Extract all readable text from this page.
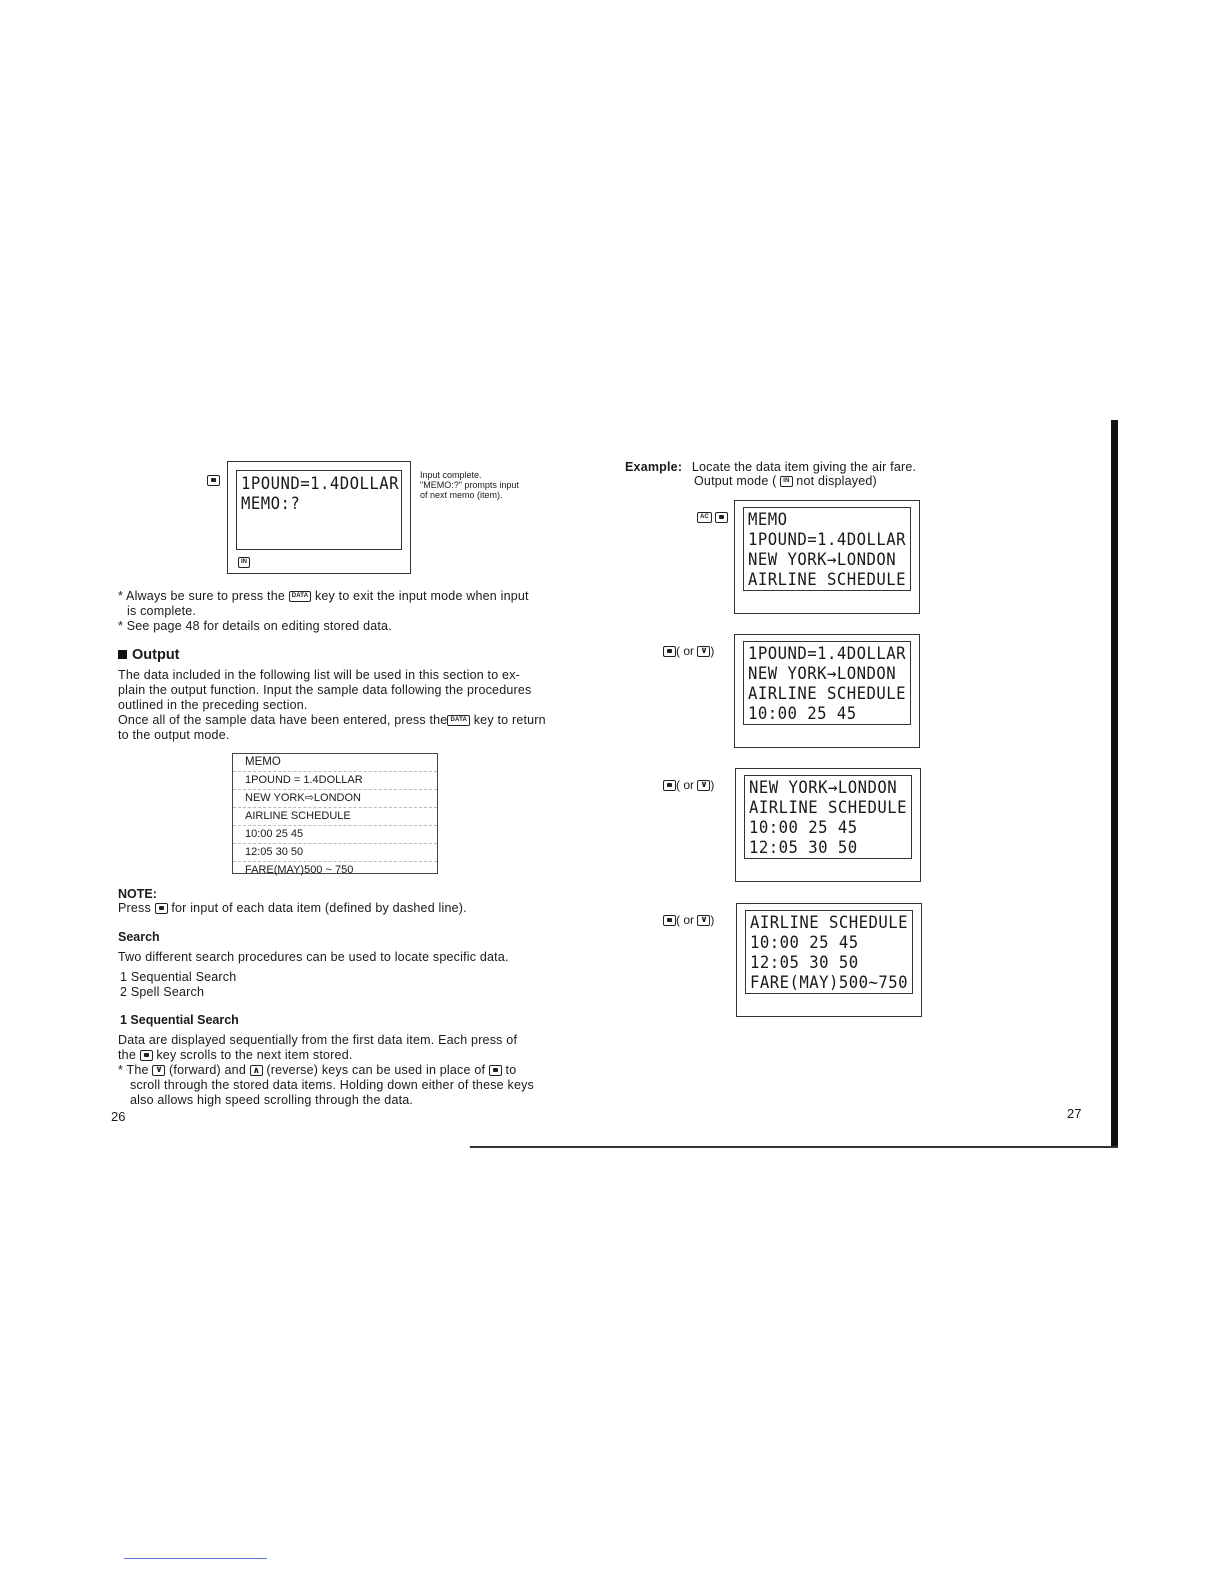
1POUND=1.4DOLLAR
MEMO:?
IN
Input complete.
"MEMO:?" prompts input
of next memo (item).
* Always be sure to press the DATA key to exit the input mode when input
is complete.
* See page 48 for details on editing stored data.
Output
The data included in the following list will be used in this section to ex-
plain the output function. Input the sample data following the procedures
outlined in the preceding section.
Once all of the sample data have been entered, press the DATA key to return
to the output mode.
MEMO
1POUND = 1.4DOLLAR
NEW YORK⇨LONDON
AIRLINE SCHEDULE
10:00 25 45
12:05 30 50
FARE(MAY)500 ~ 750
NOTE:
Press for input of each data item (defined by dashed line).
Search
Two different search procedures can be used to locate specific data.
1 Sequential Search
2 Spell Search
1 Sequential Search
Data are displayed sequentially from the first data item. Each press of
the key scrolls to the next item stored.
* The ∨ (forward) and ∧ (reverse) keys can be used in place of to
scroll through the stored data items. Holding down either of these keys
also allows high speed scrolling through the data.
26
Example: Locate the data item giving the air fare.
Output mode ( IN not displayed)
AC	MEMO
1POUND=1.4DOLLAR
NEW YORK→LONDON
AIRLINE SCHEDULE
( or ∨ ) 1POUND=1.4DOLLAR
NEW YORK→LONDON
AIRLINE SCHEDULE
10:00 25 45
( or ∨ ) NEW YORK→LONDON
AIRLINE SCHEDULE
10:00 25 45
12:05 30 50
( or ∨ ) AIRLINE SCHEDULE
10:00 25 45
12:05 30 50
FARE(MAY)500~750
27
